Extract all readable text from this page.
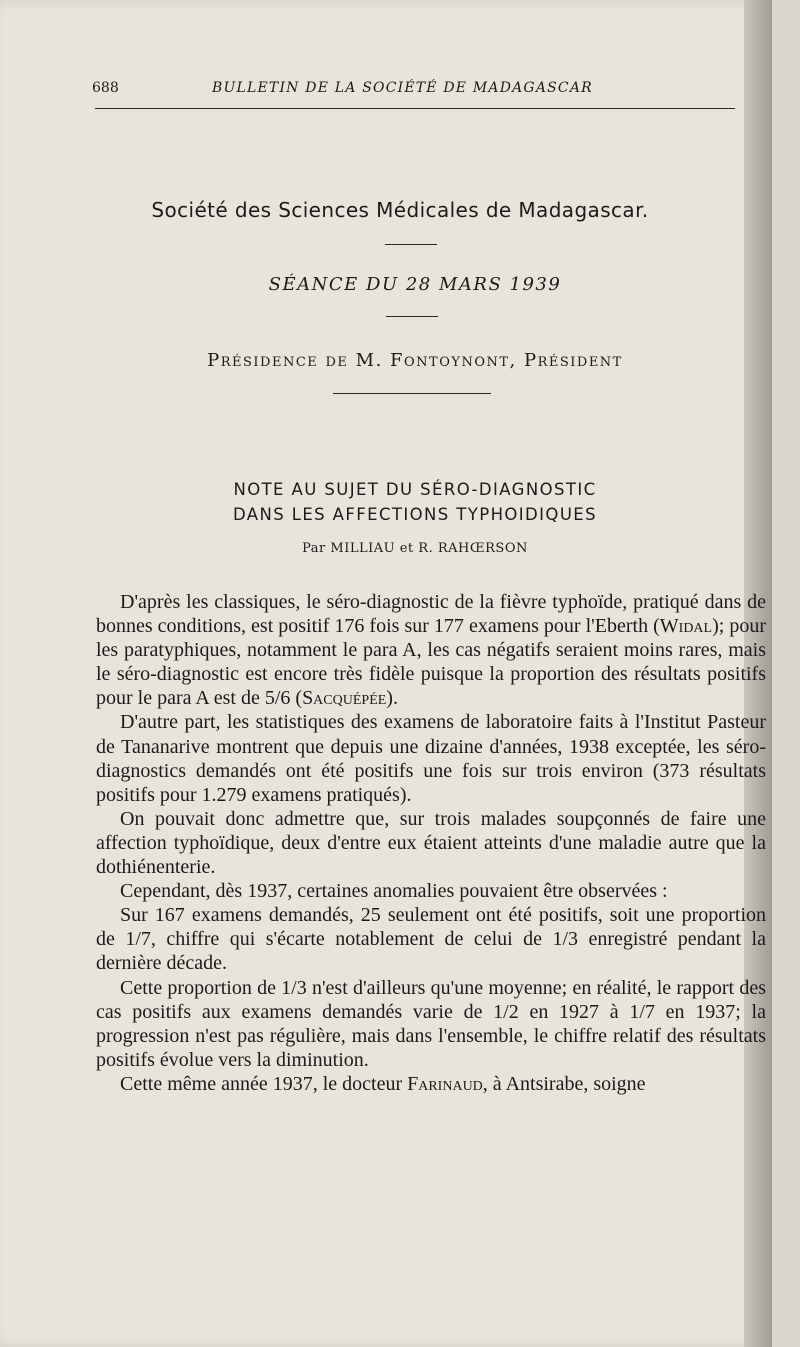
688	BULLETIN DE LA SOCIÉTÉ DE MADAGASCAR
Société des Sciences Médicales de Madagascar.
SÉANCE DU 28 MARS 1939
Présidence de M. Fontoynont, Président
NOTE AU SUJET DU SÉRO-DIAGNOSTIC
DANS LES AFFECTIONS TYPHOIDIQUES
Par MILLIAU et R. RAHŒRSON

D'après les classiques, le séro-diagnostic de la fièvre typhoïde, pratiqué dans de bonnes conditions, est positif 176 fois sur 177 examens pour l'Eberth (Widal); pour les paratyphiques, notamment le para A, les cas négatifs seraient moins rares, mais le séro-diagnostic est encore très fidèle puisque la proportion des résultats positifs pour le para A est de 5/6 (Sacquépée).

D'autre part, les statistiques des examens de laboratoire faits à l'Institut Pasteur de Tananarive montrent que depuis une dizaine d'années, 1938 exceptée, les séro-diagnostics demandés ont été positifs une fois sur trois environ (373 résultats positifs pour 1.279 examens pratiqués).

On pouvait donc admettre que, sur trois malades soupçonnés de faire une affection typhoïdique, deux d'entre eux étaient atteints d'une maladie autre que la dothiénenterie.

Cependant, dès 1937, certaines anomalies pouvaient être observées :

Sur 167 examens demandés, 25 seulement ont été positifs, soit une proportion de 1/7, chiffre qui s'écarte notablement de celui de 1/3 enregistré pendant la dernière décade.

Cette proportion de 1/3 n'est d'ailleurs qu'une moyenne; en réalité, le rapport des cas positifs aux examens demandés varie de 1/2 en 1927 à 1/7 en 1937; la progression n'est pas régulière, mais dans l'ensemble, le chiffre relatif des résultats positifs évolue vers la diminution.

Cette même année 1937, le docteur Farinaud, à Antsirabe, soigne
